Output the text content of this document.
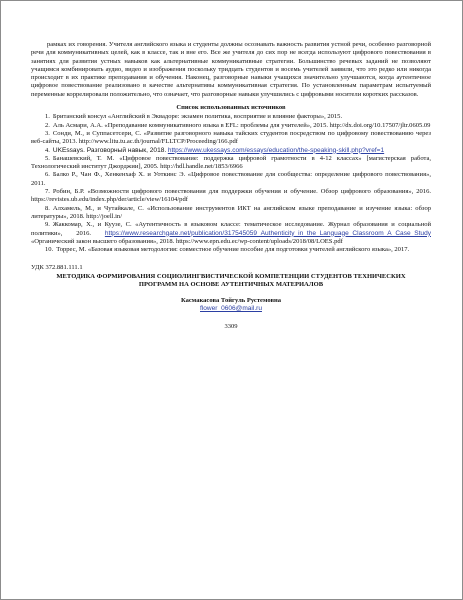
рамках их говорения. Учителя английского языка и студенты должны осознавать важность развития устной речи, особенно разговорной речи для коммуникативных целей, как в классе, так и вне его. Все же учителя до сих пор не всегда используют цифрового повествования в занятиях для развития устных навыков как альтернативные коммуникативные стратегии. Большинство речевых заданий не позволяют учащимся комбинировать аудио, видео и изображения поскольку тридцать студентов и восемь учителей заявили, что это редко или никогда происходит в их практике преподавания и обучения. Наконец, разговорные навыки учащихся значительно улучшаются, когда аутентичное цифровое повествование реализовано в качестве альтернативы коммуникативная стратегия. По установленным параметрам испытуемый переменные коррелировали положительно, что означает, что разговорные навыки улучшились с цифровыми носители коротких рассказов.

Список использованных источников

1. Британский консул «Английский в Эквадоре: экзамен политика, восприятие и влияние факторы», 2015.

2. Аль Асмари, А.А. «Преподавание коммуникативного языка в EFL: проблемы для учителей», 2015. http://dx.doi.org/10.17507/jltr.0605.09

3. Сонди, М., и Суппасетсери, С. «Развитие разговорного навыка тайских студентов посредством по цифровому повествованию через веб-сайты, 2013. http://www.litu.tu.ac.th/journal/FLLTCP/Proceeding/166.pdf

4. UKEssays. Разговорный навык, 2018. https://www.ukessays.com/essays/education/the-speaking-skill.php?vref=1

5. Банашевский, Т. М. «Цифровое повествование: поддержка цифровой грамотности в 4-12 классах» [магистерская работа, Технологический институт Джорджии], 2005. http://hdl.handle.net/1853/6966

6. Балко Р., Чан Ф., Хенкенхаф Х. и Уоткинс Э. «Цифровое повествование для сообщества: определение цифрового повествования», 2011.

7. Робин, Б.Р. «Возможности цифрового повествования для поддержки обучения и обучение. Обзор цифрового образования», 2016. https://revistes.ub.edu/index.php/der/article/view/16104/pdf

8. Алхамель, М., и Чутайкале, С. «Использование инструментов ИКТ на английском языке преподавание и изучение языка: обзор литературы», 2018. http://joell.in/

9. Жаккомар, Х., и Куузе, С. «Аутентичность в языковом классе: тематическое исследование. Журнал образования и социальной политики», 2016. https://www.researchgate.net/publication/317545059_Authenticity_in_the_Language_Classroom_A_Case_Study «Органический закон высшего образования», 2018. https://www.epn.edu.ec/wp-content/uploads/2018/08/LOES.pdf

10. Торрес, М. «Базовая языковая методология: совместное обучение пособие для подготовки учителей английского языка», 2017.

УДК 372.881.111.1
МЕТОДИКА ФОРМИРОВАНИЯ СОЦИОЛИНГВИСТИЧЕСКОЙ КОМПЕТЕНЦИИ СТУДЕНТОВ ТЕХНИЧЕСКИХ ПРОГРАММ НА ОСНОВЕ АУТЕНТИЧНЫХ МАТЕРИАЛОВ
Касмакасова Тойгуль Рустемовна
flower_0606@mail.ru
3309
